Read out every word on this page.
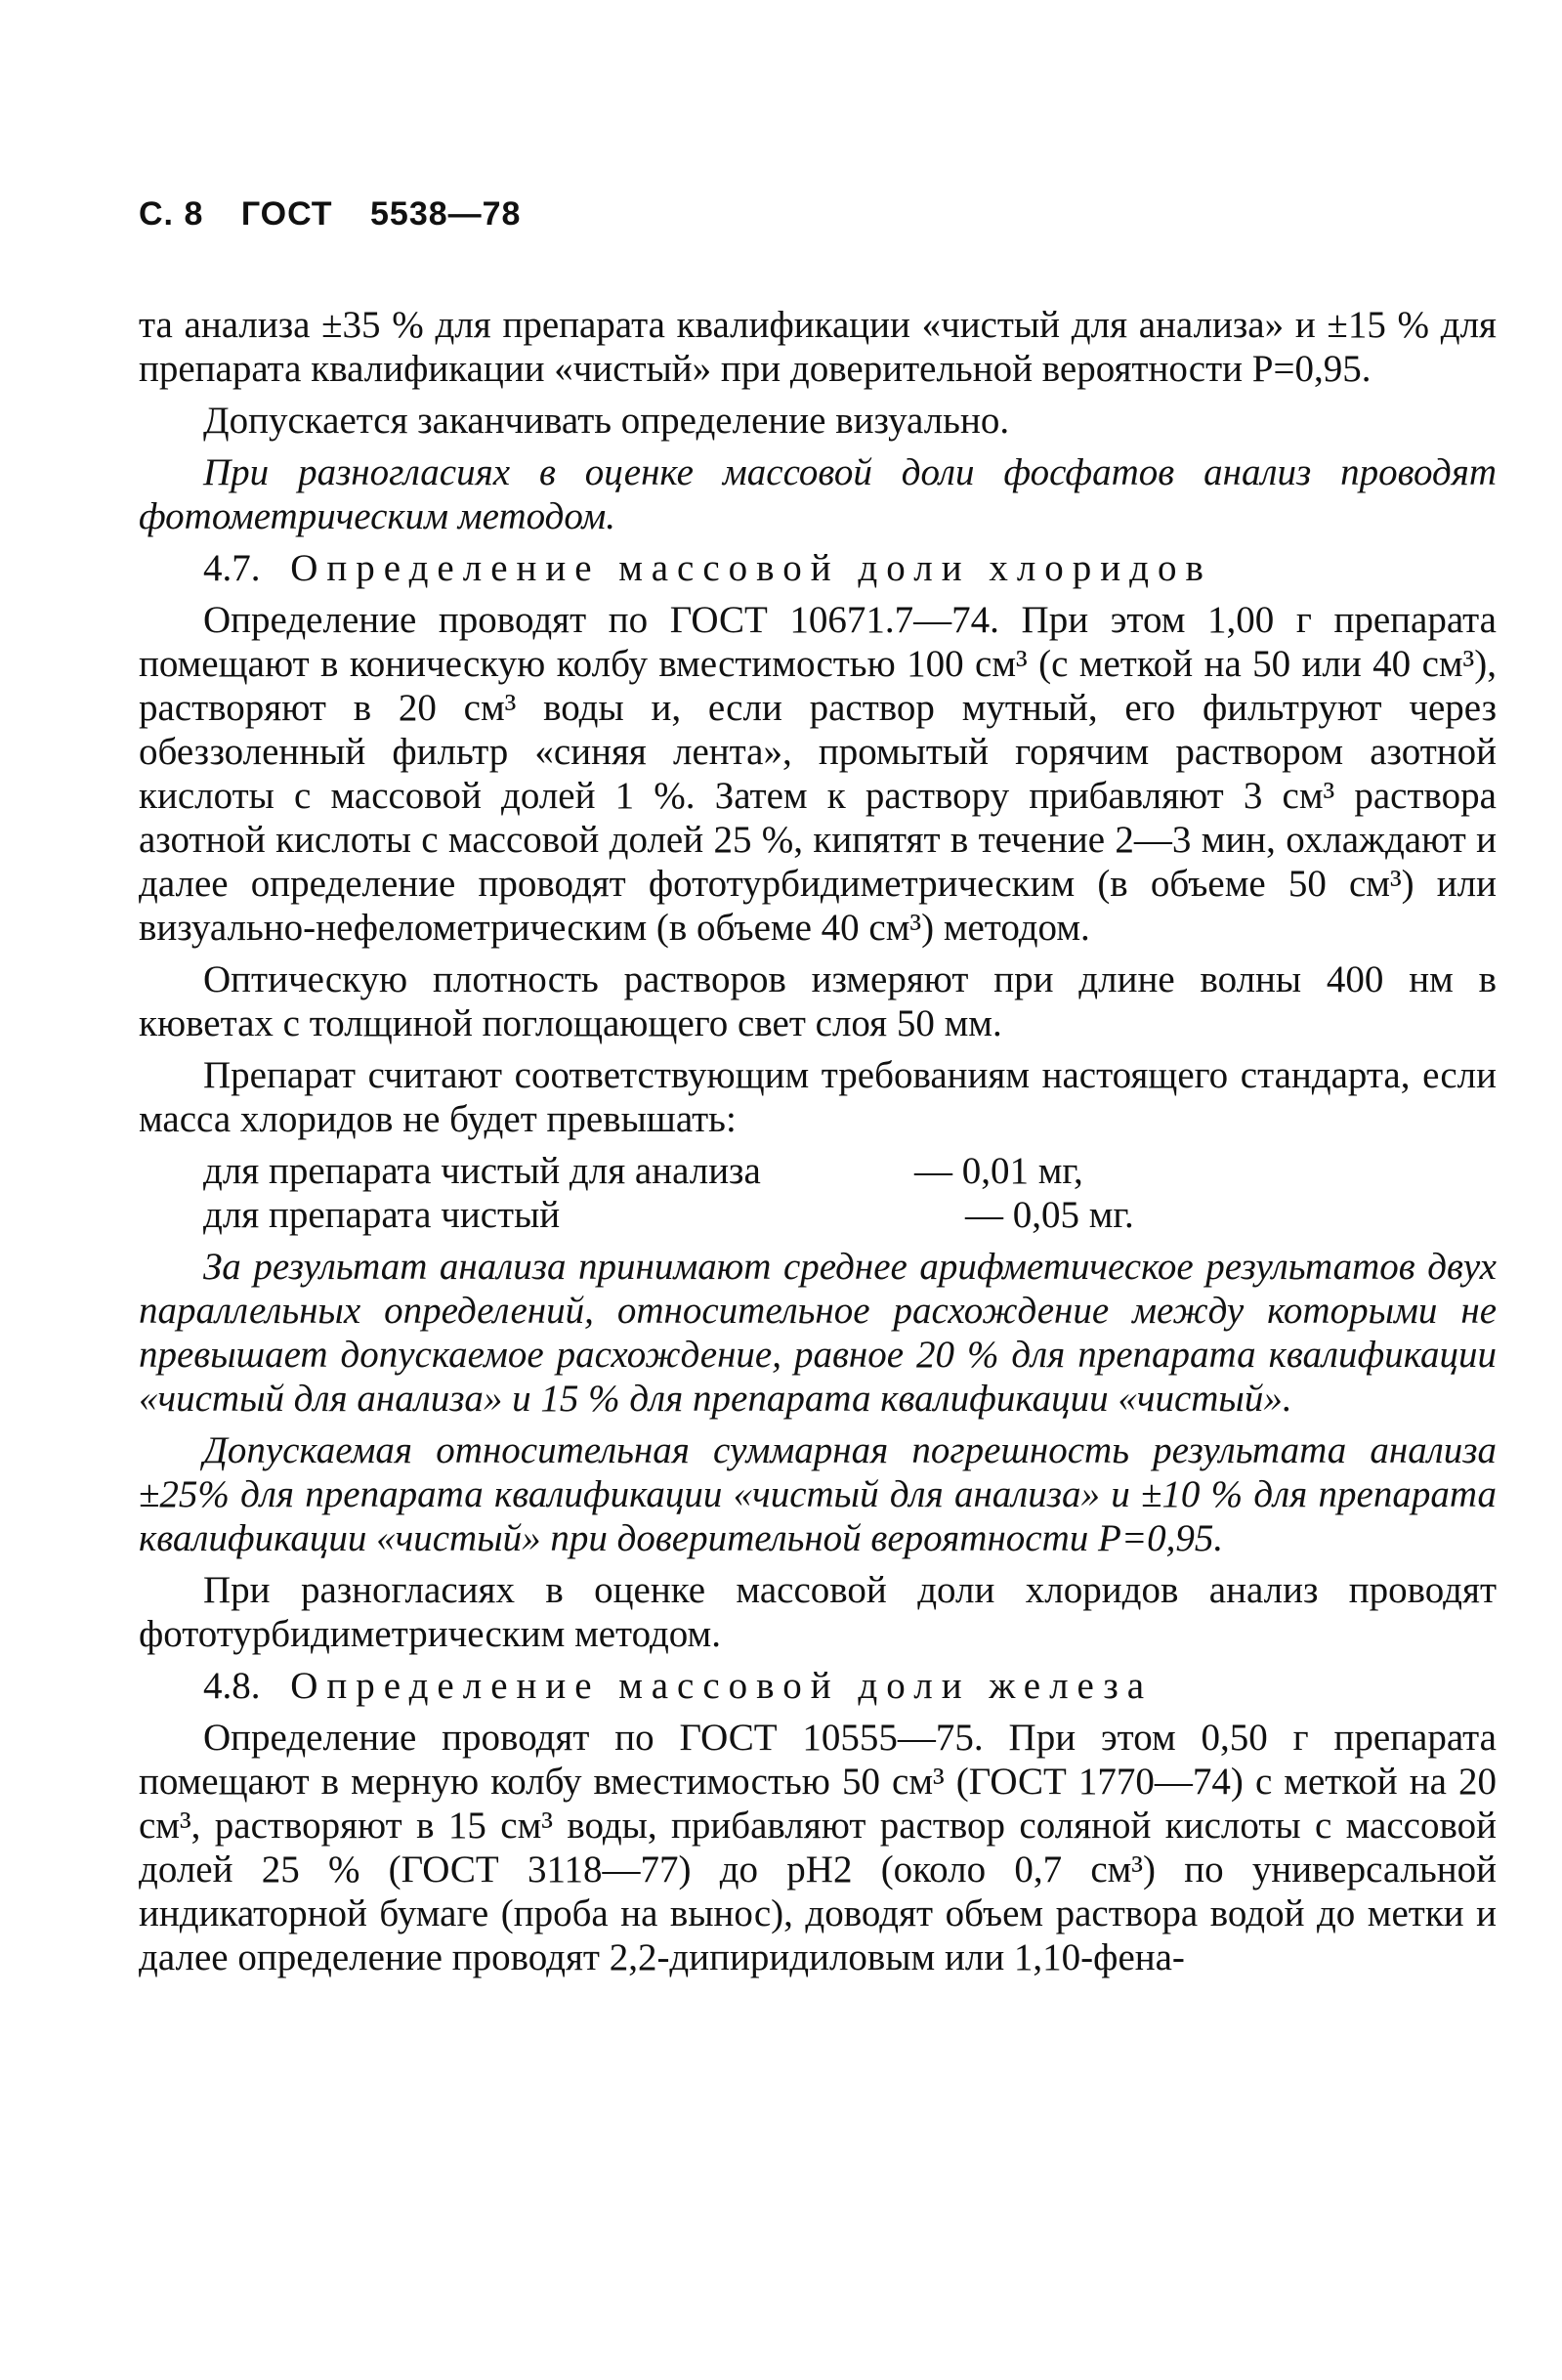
С. 8 ГОСТ 5538—78

та анализа ±35 % для препарата квалификации «чистый для анализа» и ±15 % для препарата квалификации «чистый» при доверительной вероятности P=0,95.

Допускается заканчивать определение визуально.

При разногласиях в оценке массовой доли фосфатов анализ проводят фотометрическим методом.

4.7. Определение массовой доли хлоридов

Определение проводят по ГОСТ 10671.7—74. При этом 1,00 г препарата помещают в коническую колбу вместимостью 100 см³ (с меткой на 50 или 40 см³), растворяют в 20 см³ воды и, если раствор мутный, его фильтруют через обеззоленный фильтр «синяя лента», промытый горячим раствором азотной кислоты с массовой долей 1 %. Затем к раствору прибавляют 3 см³ раствора азотной кислоты с массовой долей 25 %, кипятят в течение 2—3 мин, охлаждают и далее определение проводят фототурбидиметрическим (в объеме 50 см³) или визуально-нефелометрическим (в объеме 40 см³) методом.

Оптическую плотность растворов измеряют при длине волны 400 нм в кюветах с толщиной поглощающего свет слоя 50 мм.

Препарат считают соответствующим требованиям настоящего стандарта, если масса хлоридов не будет превышать:

для препарата чистый для анализа	— 0,01 мг,
для препарата чистый	— 0,05 мг.

За результат анализа принимают среднее арифметическое результатов двух параллельных определений, относительное расхождение между которыми не превышает допускаемое расхождение, равное 20 % для препарата квалификации «чистый для анализа» и 15 % для препарата квалификации «чистый».

Допускаемая относительная суммарная погрешность результата анализа ±25% для препарата квалификации «чистый для анализа» и ±10 % для препарата квалификации «чистый» при доверительной вероятности P=0,95.

При разногласиях в оценке массовой доли хлоридов анализ проводят фототурбидиметрическим методом.

4.8. Определение массовой доли железа

Определение проводят по ГОСТ 10555—75. При этом 0,50 г препарата помещают в мерную колбу вместимостью 50 см³ (ГОСТ 1770—74) с меткой на 20 см³, растворяют в 15 см³ воды, прибавляют раствор соляной кислоты с массовой долей 25 % (ГОСТ 3118—77) до pH2 (около 0,7 см³) по универсальной индикаторной бумаге (проба на вынос), доводят объем раствора водой до метки и далее определение проводят 2,2-дипиридиловым или 1,10-фена-
